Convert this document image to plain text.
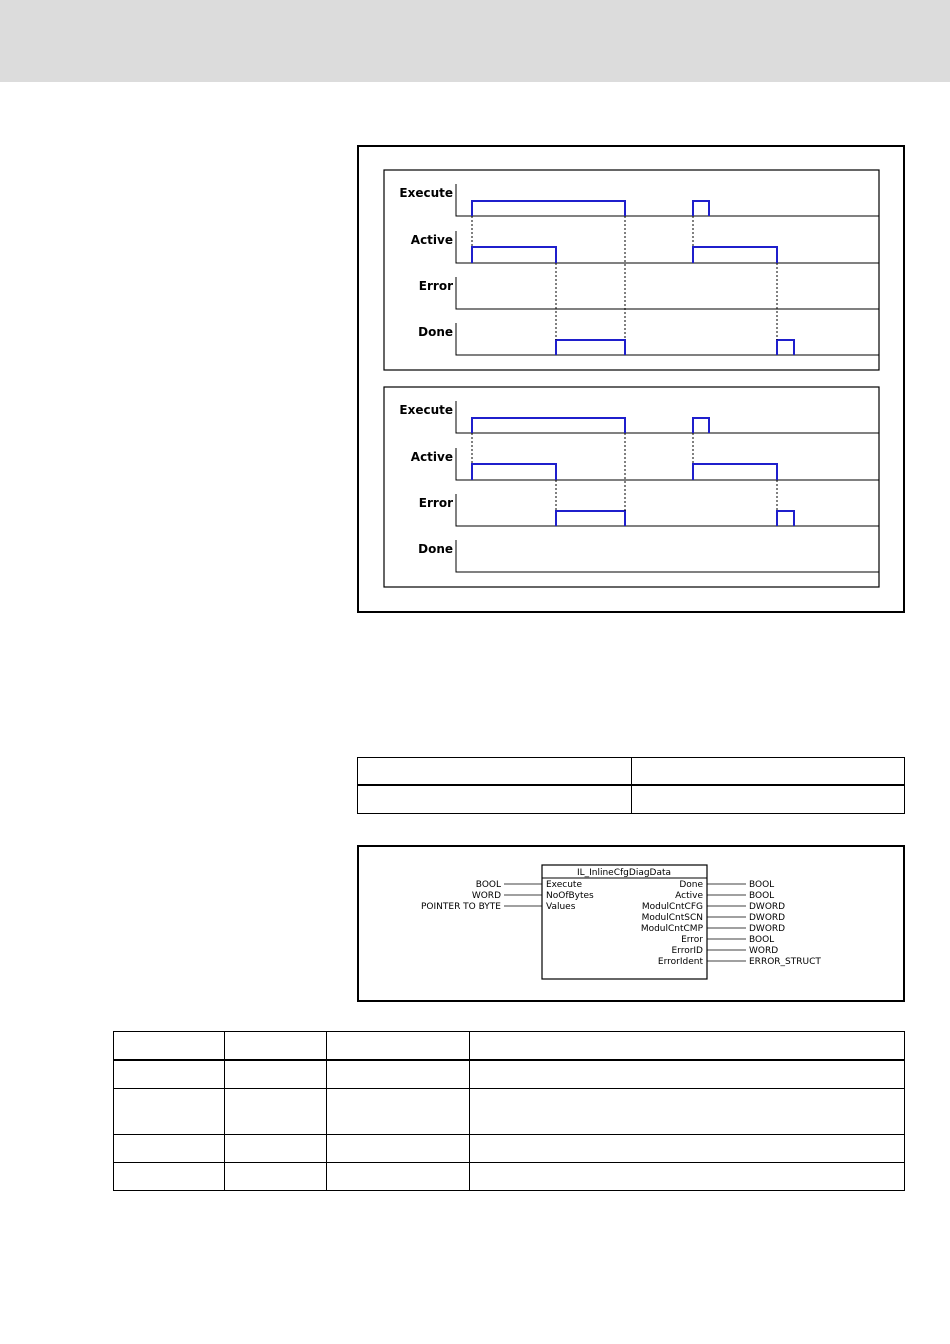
Execute
Active
Error
Done
Execute
Active
Error
Done

IL_InlineCfgDiagData
BOOL	Execute
WORD	NoOfBytes
POINTER TO BYTE	Values
Done	BOOL
Active	BOOL
ModulCntCFG	DWORD
ModulCntSCN	DWORD
ModulCntCMP	DWORD
Error	BOOL
ErrorID	WORD
ErrorIdent	ERROR_STRUCT
